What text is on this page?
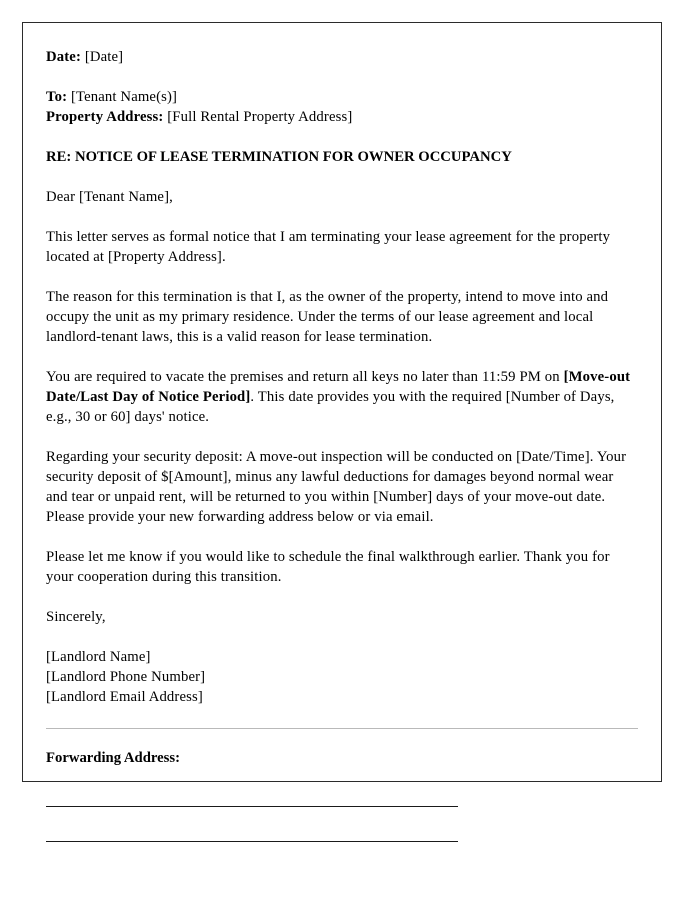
Date: [Date]

To: [Tenant Name(s)]

Property Address: [Full Rental Property Address]

RE: NOTICE OF LEASE TERMINATION FOR OWNER OCCUPANCY

Dear [Tenant Name],

This letter serves as formal notice that I am terminating your lease agreement for the property located at [Property Address].

The reason for this termination is that I, as the owner of the property, intend to move into and occupy the unit as my primary residence. Under the terms of our lease agreement and local landlord-tenant laws, this is a valid reason for lease termination.

You are required to vacate the premises and return all keys no later than 11:59 PM on [Move-out Date/Last Day of Notice Period]. This date provides you with the required [Number of Days, e.g., 30 or 60] days' notice.

Regarding your security deposit: A move-out inspection will be conducted on [Date/Time]. Your security deposit of $[Amount], minus any lawful deductions for damages beyond normal wear and tear or unpaid rent, will be returned to you within [Number] days of your move-out date. Please provide your new forwarding address below or via email.

Please let me know if you would like to schedule the final walkthrough earlier. Thank you for your cooperation during this transition.

Sincerely,

[Landlord Name]

[Landlord Phone Number]

[Landlord Email Address]

Forwarding Address:
